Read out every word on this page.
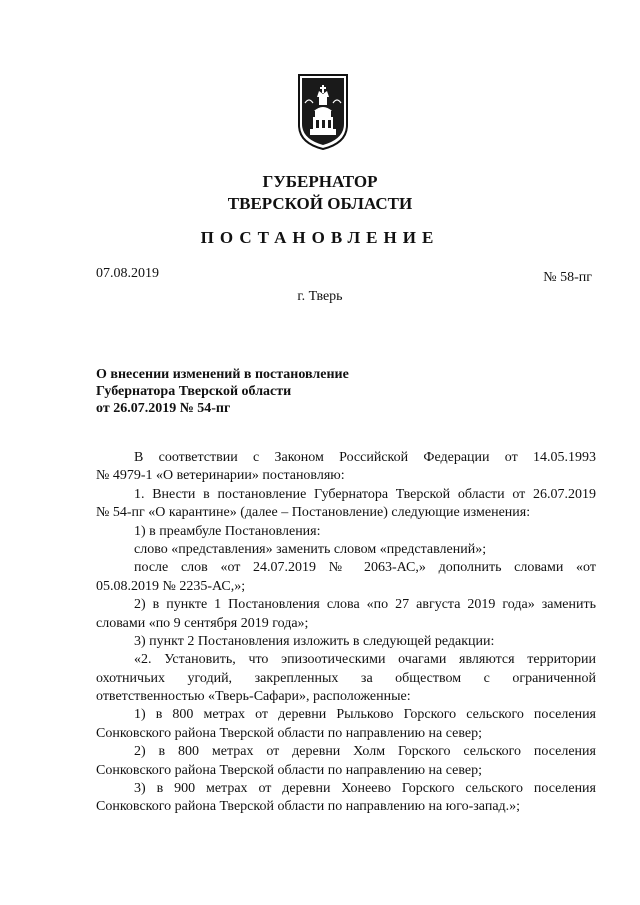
ГУБЕРНАТОР
ТВЕРСКОЙ ОБЛАСТИ
ПОСТАНОВЛЕНИЕ
07.08.2019	№ 58-пг
г. Тверь
О внесении изменений в постановление
Губернатора Тверской области
от 26.07.2019 № 54-пг
В соответствии с Законом Российской Федерации от 14.05.1993
№ 4979-1 «О ветеринарии» постановляю:
1. Внести в постановление Губернатора Тверской области от 26.07.2019
№ 54-пг «О карантине» (далее – Постановление) следующие изменения:
1) в преамбуле Постановления:
слово «представления» заменить словом «представлений»;
после слов «от 24.07.2019 № 2063-АС,» дополнить словами «от
05.08.2019 № 2235-АС,»;
2) в пункте 1 Постановления слова «по 27 августа 2019 года» заменить
словами «по 9 сентября 2019 года»;
3) пункт 2 Постановления изложить в следующей редакции:
«2. Установить, что эпизоотическими очагами являются территории
охотничьих угодий, закрепленных за обществом с ограниченной
ответственностью «Тверь-Сафари», расположенные:
1) в 800 метрах от деревни Рыльково Горского сельского поселения
Сонковского района Тверской области по направлению на север;
2) в 800 метрах от деревни Холм Горского сельского поселения
Сонковского района Тверской области по направлению на север;
3) в 900 метрах от деревни Хонеево Горского сельского поселения
Сонковского района Тверской области по направлению на юго-запад.»;
